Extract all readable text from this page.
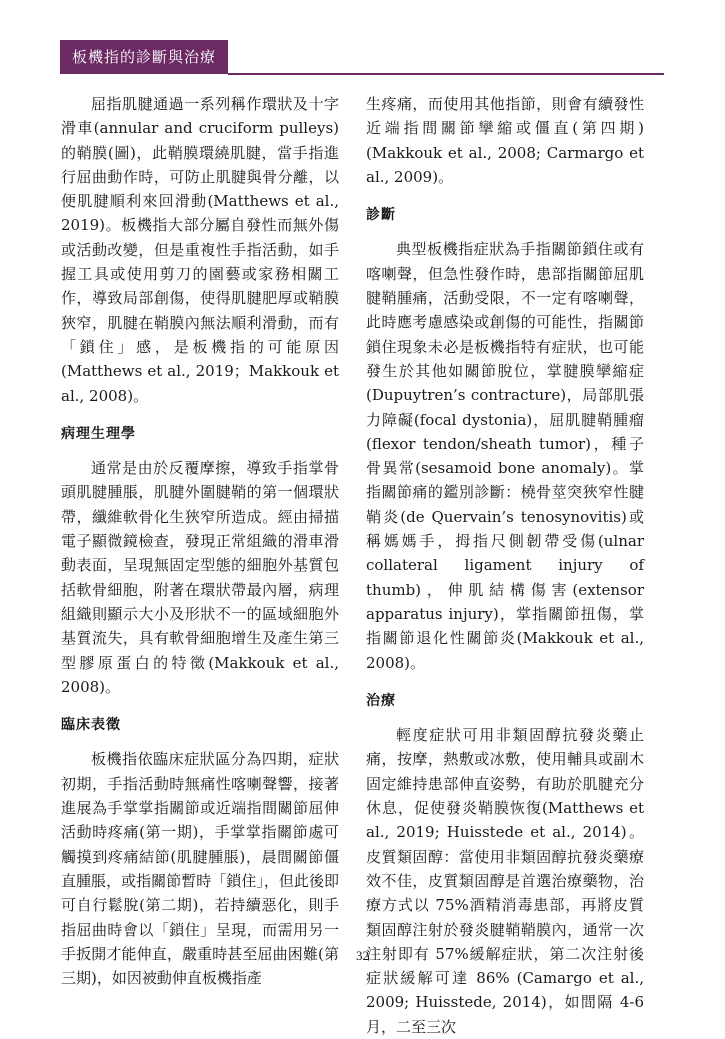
板機指的診斷與治療

屈指肌腱通過一系列稱作環狀及十字滑車(annular and cruciform pulleys)的鞘膜(圖)，此鞘膜環繞肌腱，當手指進行屈曲動作時，可防止肌腱與骨分離，以便肌腱順利來回滑動(Matthews et al., 2019)。板機指大部分屬自發性而無外傷或活動改變，但是重複性手指活動，如手握工具或使用剪刀的園藝或家務相關工作，導致局部創傷，使得肌腱肥厚或鞘膜狹窄，肌腱在鞘膜內無法順利滑動，而有「鎖住」感，是板機指的可能原因(Matthews et al., 2019；Makkouk et al., 2008)。

病理生理學

通常是由於反覆摩擦，導致手指掌骨頭肌腱腫脹，肌腱外圍腱鞘的第一個環狀帶，纖維軟骨化生狹窄所造成。經由掃描電子顯微鏡檢查，發現正常組織的滑車滑動表面，呈現無固定型態的細胞外基質包括軟骨細胞，附著在環狀帶最內層，病理組織則顯示大小及形狀不一的區域細胞外基質流失，具有軟骨細胞增生及產生第三型膠原蛋白的特徵(Makkouk et al., 2008)。

臨床表徵

板機指依臨床症狀區分為四期，症狀初期，手指活動時無痛性喀喇聲響，接著進展為手掌掌指關節或近端指間關節屈伸活動時疼痛(第一期)，手掌掌指關節處可觸摸到疼痛結節(肌腱腫脹)，晨間關節僵直腫脹，或指關節暫時「鎖住」，但此後即可自行鬆脫(第二期)，若持續惡化，則手指屈曲時會以「鎖住」呈現，而需用另一手扳開才能伸直，嚴重時甚至屈曲困難(第三期)，如因被動伸直板機指產

生疼痛，而使用其他指節，則會有續發性近端指間關節攣縮或僵直(第四期)(Makkouk et al., 2008; Carmargo et al., 2009)。

診斷

典型板機指症狀為手指關節鎖住或有喀喇聲，但急性發作時，患部指關節屈肌腱鞘腫痛，活動受限，不一定有喀喇聲，此時應考慮感染或創傷的可能性，指關節鎖住現象未必是板機指特有症狀，也可能發生於其他如關節脫位，掌腱膜攣縮症(Dupuytren’s contracture)，局部肌張力障礙(focal dystonia)，屈肌腱鞘腫瘤(flexor tendon/sheath tumor)，種子骨異常(sesamoid bone anomaly)。掌指關節痛的鑑別診斷：橈骨莖突狹窄性腱鞘炎(de Quervain’s tenosynovitis)或稱媽媽手，拇指尺側韌帶受傷(ulnar collateral ligament injury of thumb)，伸肌結構傷害(extensor apparatus injury)，掌指關節扭傷，掌指關節退化性關節炎(Makkouk et al., 2008)。

治療

輕度症狀可用非類固醇抗發炎藥止痛，按摩，熱敷或冰敷，使用輔具或副木固定維持患部伸直姿勢，有助於肌腱充分休息，促使發炎鞘膜恢復(Matthews et al., 2019; Huisstede et al., 2014)。皮質類固醇：當使用非類固醇抗發炎藥療效不佳，皮質類固醇是首選治療藥物，治療方式以 75%酒精消毒患部，再將皮質類固醇注射於發炎腱鞘鞘膜內，通常一次注射即有 57%緩解症狀，第二次注射後症狀緩解可達 86% (Camargo et al., 2009; Huisstede, 2014)，如間隔 4-6 月，二至三次

32
